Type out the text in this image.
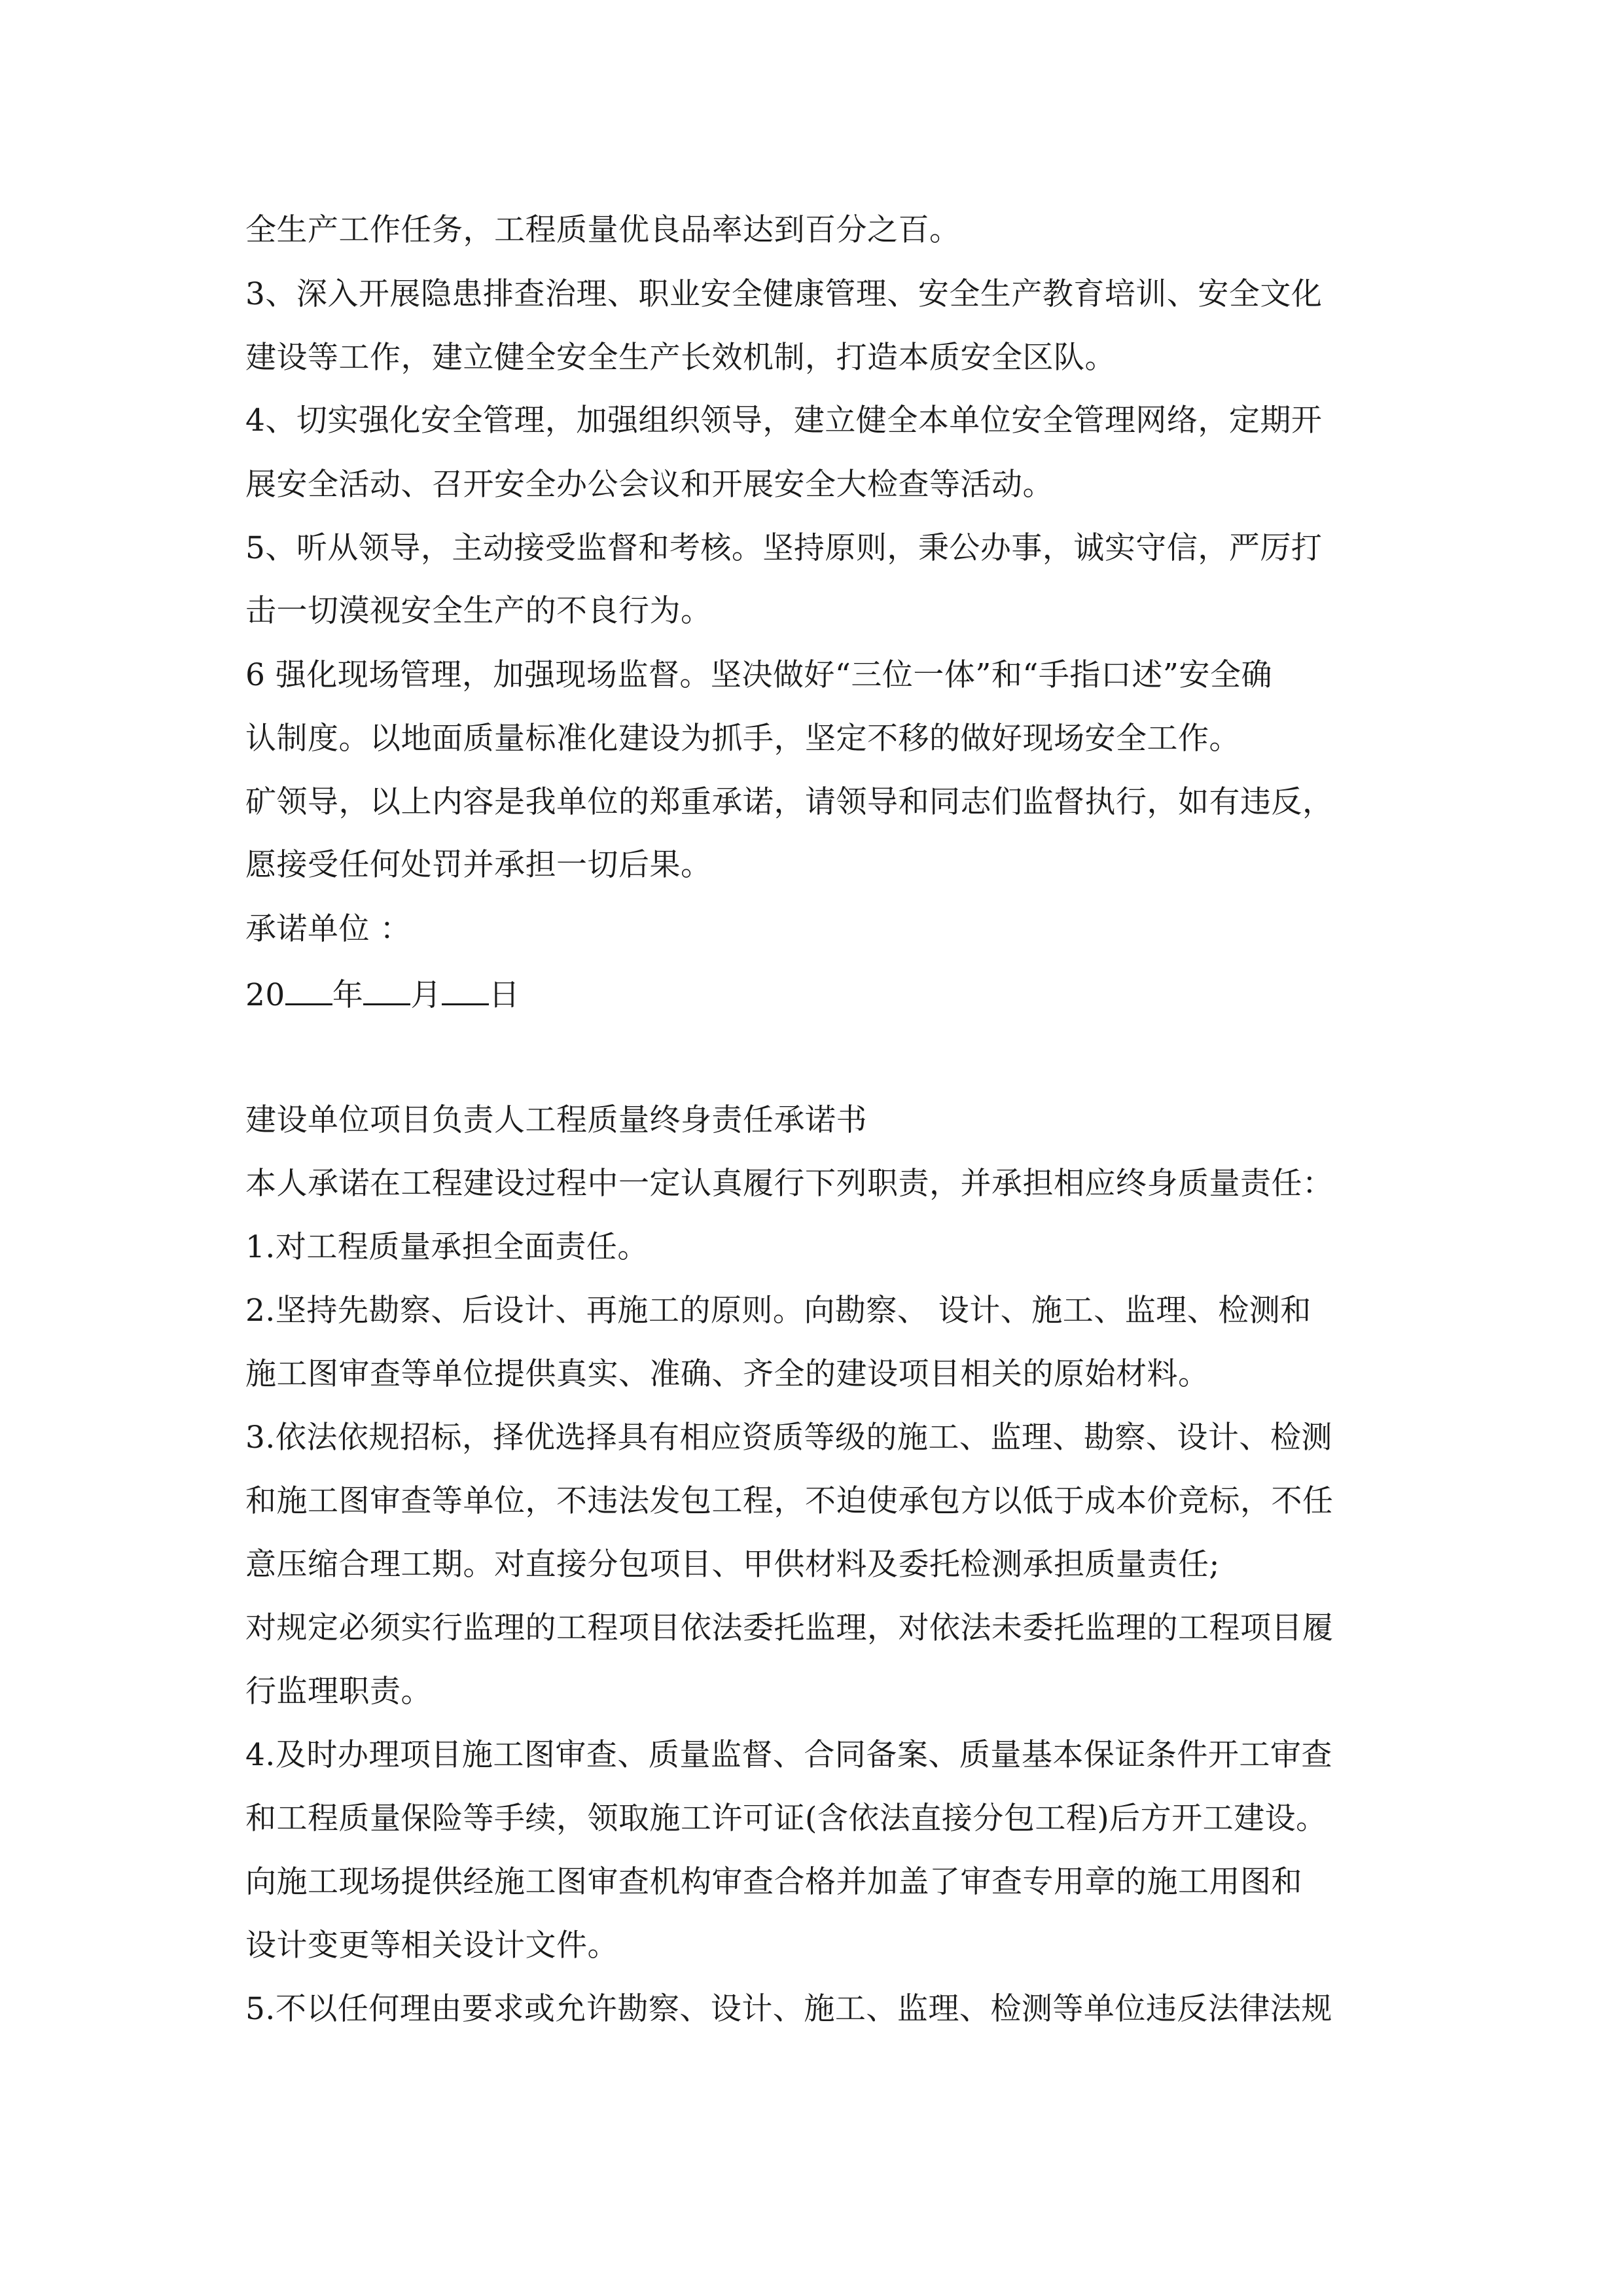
全生产工作任务，工程质量优良品率达到百分之百。
3、深入开展隐患排查治理、职业安全健康管理、安全生产教育培训、安全文化
建设等工作，建立健全安全生产长效机制，打造本质安全区队。
4、切实强化安全管理，加强组织领导，建立健全本单位安全管理网络，定期开
展安全活动、召开安全办公会议和开展安全大检查等活动。
5、听从领导，主动接受监督和考核。坚持原则，秉公办事，诚实守信，严厉打
击一切漠视安全生产的不良行为。
6 强化现场管理，加强现场监督。坚决做好“三位一体”和“手指口述”安全确
认制度。以地面质量标准化建设为抓手，坚定不移的做好现场安全工作。
矿领导，以上内容是我单位的郑重承诺，请领导和同志们监督执行，如有违反，
愿接受任何处罚并承担一切后果。
承诺单位 ：
20 年 月 日
建设单位项目负责人工程质量终身责任承诺书
本人承诺在工程建设过程中一定认真履行下列职责，并承担相应终身质量责任：
1.对工程质量承担全面责任。
2.坚持先勘察、后设计、再施工的原则。向勘察、 设计、施工、监理、检测和
施工图审查等单位提供真实、准确、齐全的建设项目相关的原始材料。
3.依法依规招标，择优选择具有相应资质等级的施工、监理、勘察、设计、检测
和施工图审查等单位，不违法发包工程，不迫使承包方以低于成本价竞标，不任
意压缩合理工期。对直接分包项目、甲供材料及委托检测承担质量责任;
对规定必须实行监理的工程项目依法委托监理，对依法未委托监理的工程项目履
行监理职责。
4.及时办理项目施工图审查、质量监督、合同备案、质量基本保证条件开工审查
和工程质量保险等手续，领取施工许可证(含依法直接分包工程)后方开工建设。
向施工现场提供经施工图审查机构审查合格并加盖了审查专用章的施工用图和
设计变更等相关设计文件。
5.不以任何理由要求或允许勘察、设计、施工、监理、检测等单位违反法律法规
